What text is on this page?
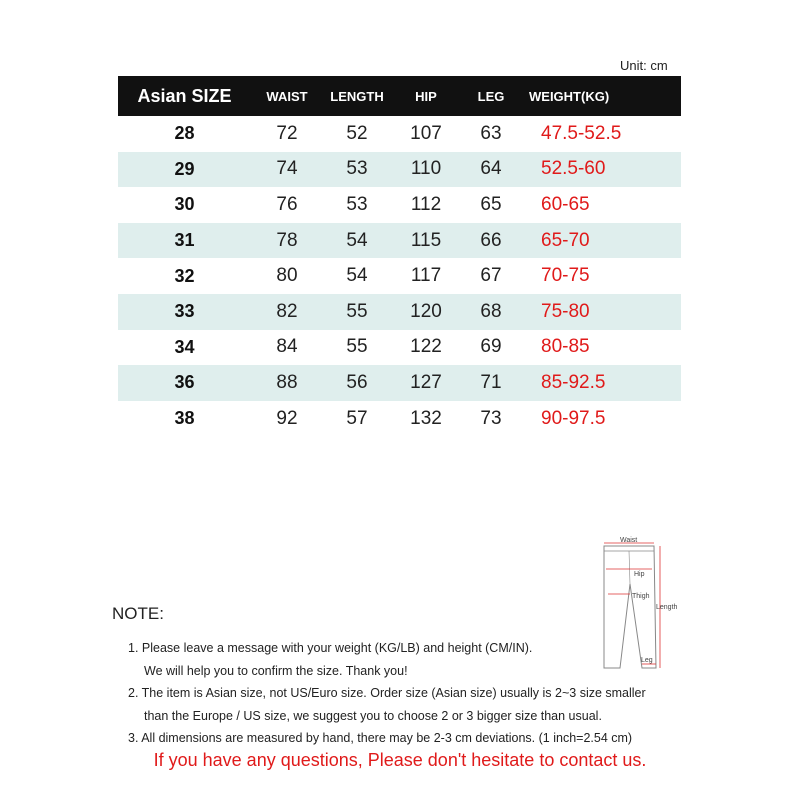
Unit: cm
Asian SIZE	WAIST	LENGTH	HIP	LEG	WEIGHT(KG)
28	72	52	107	63	47.5-52.5
29	74	53	110	64	52.5-60
30	76	53	112	65	60-65
31	78	54	115	66	65-70
32	80	54	117	67	70-75
33	82	55	120	68	75-80
34	84	55	122	69	80-85
36	88	56	127	71	85-92.5
38	92	57	132	73	90-97.5
Waist
Hip
Thigh
Length
Leg
NOTE:
1. Please leave a message with your weight (KG/LB) and height (CM/IN).
We will help you to confirm the size. Thank you!
2. The item is Asian size, not US/Euro size. Order size (Asian size) usually is 2~3 size smaller
than the Europe / US size, we suggest you to choose 2 or 3 bigger size than usual.
3. All dimensions are measured by hand, there may be 2-3 cm deviations. (1 inch=2.54 cm)
If you have any questions, Please don't hesitate to contact us.
